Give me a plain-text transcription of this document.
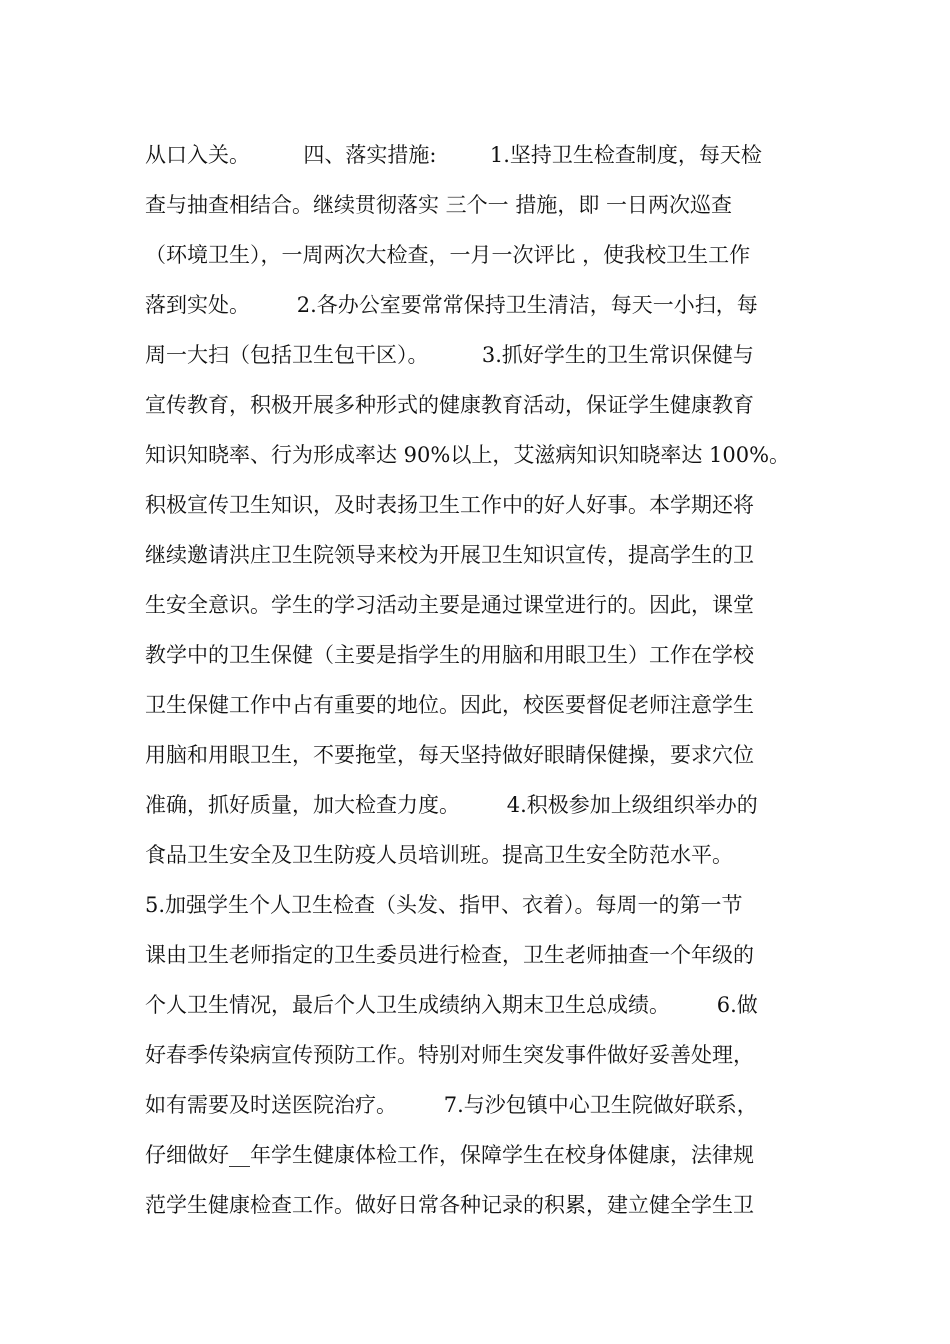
从口入关。        四、落实措施:        1.坚持卫生检查制度，每天检
查与抽查相结合。继续贯彻落实 三个一 措施，即 一日两次巡查
（环境卫生），一周两次大检查，一月一次评比 ，使我校卫生工作
落到实处。       2.各办公室要常常保持卫生清洁，每天一小扫，每
周一大扫（包括卫生包干区）。        3.抓好学生的卫生常识保健与
宣传教育，积极开展多种形式的健康教育活动，保证学生健康教育
知识知晓率、行为形成率达 90%以上，艾滋病知识知晓率达 100%。
积极宣传卫生知识，及时表扬卫生工作中的好人好事。本学期还将
继续邀请洪庄卫生院领导来校为开展卫生知识宣传，提高学生的卫
生安全意识。学生的学习活动主要是通过课堂进行的。因此，课堂
教学中的卫生保健（主要是指学生的用脑和用眼卫生）工作在学校
卫生保健工作中占有重要的地位。因此，校医要督促老师注意学生
用脑和用眼卫生，不要拖堂，每天坚持做好眼睛保健操，要求穴位
准确，抓好质量，加大检查力度。       4.积极参加上级组织举办的
食品卫生安全及卫生防疫人员培训班。提高卫生安全防范水平。
5.加强学生个人卫生检查（头发、指甲、衣着）。每周一的第一节
课由卫生老师指定的卫生委员进行检查，卫生老师抽查一个年级的
个人卫生情况，最后个人卫生成绩纳入期末卫生总成绩。       6.做
好春季传染病宣传预防工作。特别对师生突发事件做好妥善处理，
如有需要及时送医院治疗。       7.与沙包镇中心卫生院做好联系，
仔细做好__年学生健康体检工作，保障学生在校身体健康，法律规
范学生健康检查工作。做好日常各种记录的积累，建立健全学生卫
